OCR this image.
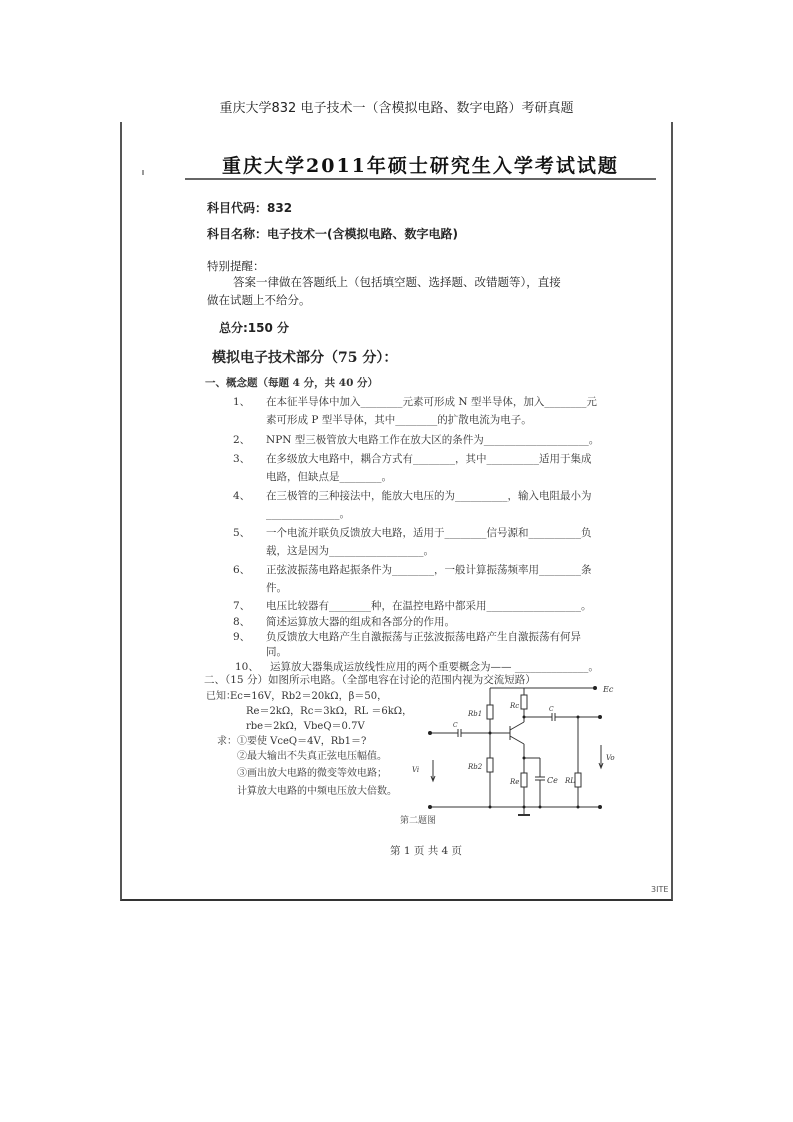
重庆大学832 电子技术一（含模拟电路、数字电路）考研真题
重庆大学2011年硕士研究生入学考试试题
科目代码：832
科目名称：电子技术一(含模拟电路、数字电路)
特别提醒：
答案一律做在答题纸上（包括填空题、选择题、改错题等），直接
做在试题上不给分。
总分:150 分
模拟电子技术部分（75 分）：
一、概念题（每题 4 分，共 40 分）
1、 在本征半导体中加入________元素可形成 N 型半导体，加入________元
素可形成 P 型半导体，其中________的扩散电流为电子。
2、 NPN 型三极管放大电路工作在放大区的条件为____________________。
3、 在多级放大电路中，耦合方式有________，其中__________适用于集成
电路，但缺点是________。
4、 在三极管的三种接法中，能放大电压的为__________，输入电阻最小为
______________。
5、 一个电流并联负反馈放大电路，适用于________信号源和__________负
载，这是因为__________________。
6、 正弦波振荡电路起振条件为________，一般计算振荡频率用________条
件。
7、 电压比较器有________种，在温控电路中都采用__________________。
8、 简述运算放大器的组成和各部分的作用。
9、 负反馈放大电路产生自激振荡与正弦波振荡电路产生自激振荡有何异
同。
10、 运算放大器集成运放线性应用的两个重要概念为—— ______________。
二、（15 分）如图所示电路。（全部电容在讨论的范围内视为交流短路）
已知：
Ec=16V，Rb2＝20kΩ，β＝50，
Re＝2kΩ，Rc＝3kΩ，RL ＝6kΩ，
rbe＝2kΩ，VbeQ＝0.7V
求： ①要使 VceQ＝4V，Rb1＝?
②最大输出不失真正弦电压幅值。
③画出放大电路的微变等效电路；
计算放大电路的中频电压放大倍数。
Ec
Rb1
Rb2
Rc
Re	Ce RL
C
C
Vi
Vo
第二题图
第 1 页 共 4 页
3ITE
